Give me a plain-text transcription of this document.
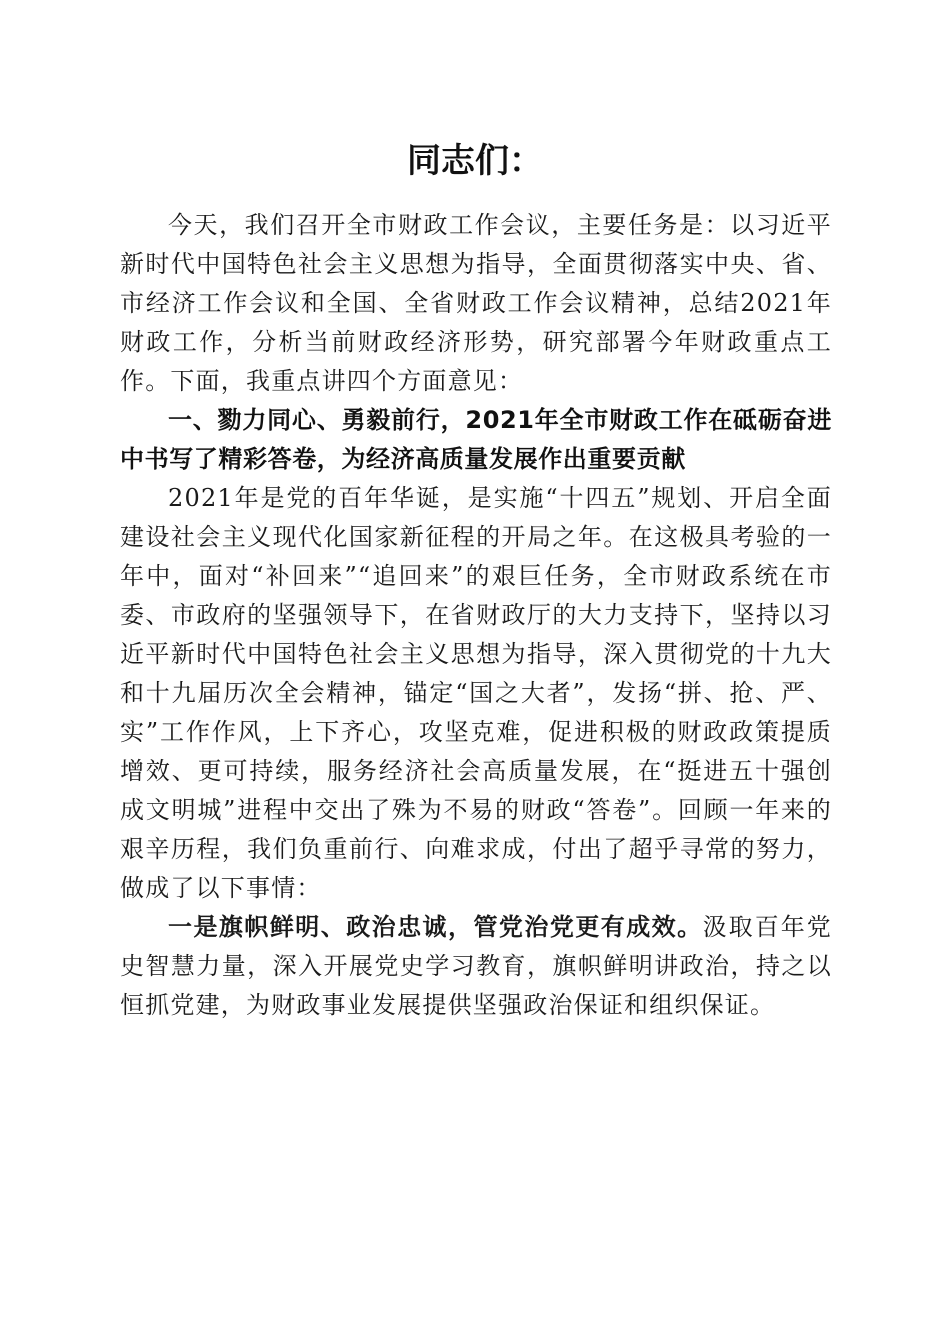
同志们：

今天，我们召开全市财政工作会议，主要任务是：以习近平新时代中国特色社会主义思想为指导，全面贯彻落实中央、省、市经济工作会议和全国、全省财政工作会议精神，总结2021年财政工作，分析当前财政经济形势，研究部署今年财政重点工作。下面，我重点讲四个方面意见：

一、勠力同心、勇毅前行，2021年全市财政工作在砥砺奋进中书写了精彩答卷，为经济高质量发展作出重要贡献

2021年是党的百年华诞，是实施“十四五”规划、开启全面建设社会主义现代化国家新征程的开局之年。在这极具考验的一年中，面对“补回来”“追回来”的艰巨任务，全市财政系统在市委、市政府的坚强领导下，在省财政厅的大力支持下，坚持以习近平新时代中国特色社会主义思想为指导，深入贯彻党的十九大和十九届历次全会精神，锚定“国之大者”，发扬“拼、抢、严、实”工作作风，上下齐心，攻坚克难，促进积极的财政政策提质增效、更可持续，服务经济社会高质量发展，在“挺进五十强创成文明城”进程中交出了殊为不易的财政“答卷”。回顾一年来的艰辛历程，我们负重前行、向难求成，付出了超乎寻常的努力，做成了以下事情：

一是旗帜鲜明、政治忠诚，管党治党更有成效。汲取百年党史智慧力量，深入开展党史学习教育，旗帜鲜明讲政治，持之以恒抓党建，为财政事业发展提供坚强政治保证和组织保证。
